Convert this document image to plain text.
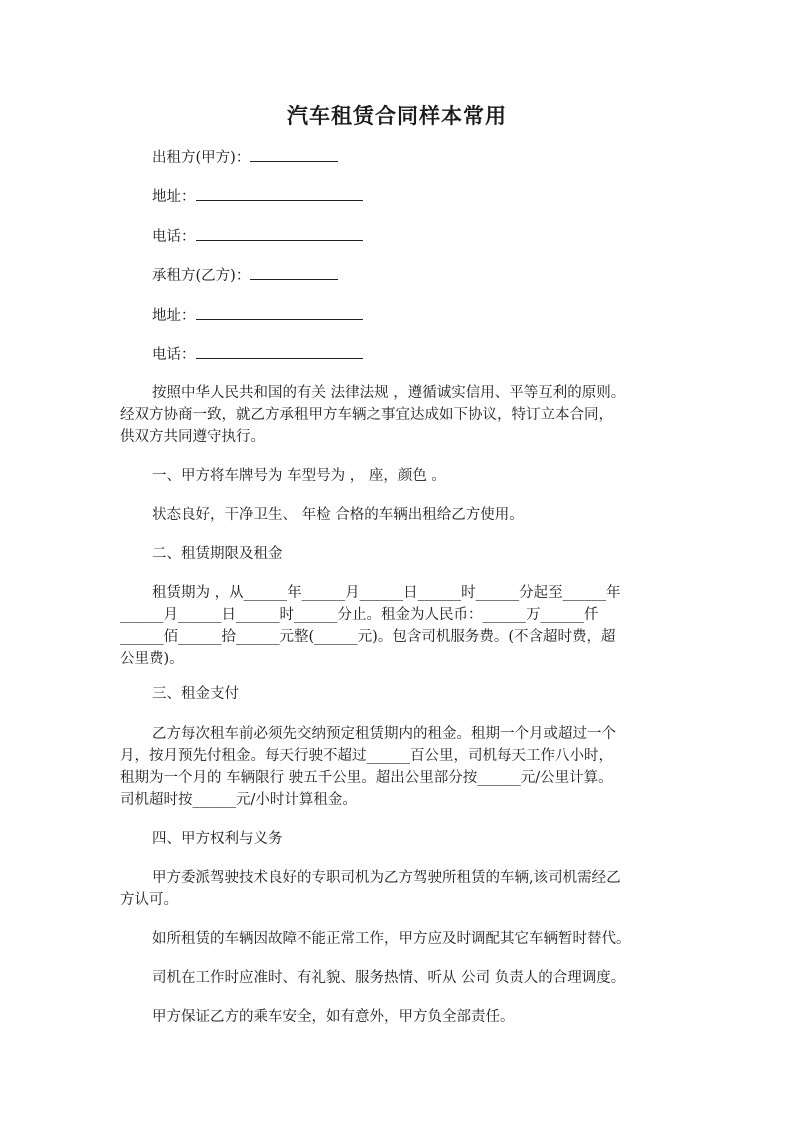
汽车租赁合同样本常用
出租方(甲方)：
地址：
电话：
承租方(乙方)：
地址：
电话：
按照中华人民共和国的有关 法律法规 ，遵循诚实信用、平等互利的原则。
经双方协商一致，就乙方承租甲方车辆之事宜达成如下协议，特订立本合同，
供双方共同遵守执行。
一、甲方将车牌号为 车型号为 ， 座，颜色 。
状态良好，干净卫生、 年检 合格的车辆出租给乙方使用。
二、租赁期限及租金
租赁期为 ，从______年______月______日______时______分起至______年
______月______日______时______分止。租金为人民币：______万______仟
______佰______拾______元整(______元)。包含司机服务费。(不含超时费，超
公里费)。
三、租金支付
乙方每次租车前必须先交纳预定租赁期内的租金。租期一个月或超过一个
月，按月预先付租金。每天行驶不超过______百公里，司机每天工作八小时，
租期为一个月的 车辆限行 驶五千公里。超出公里部分按______元/公里计算。
司机超时按______元/小时计算租金。
四、甲方权利与义务
甲方委派驾驶技术良好的专职司机为乙方驾驶所租赁的车辆,该司机需经乙
方认可。
如所租赁的车辆因故障不能正常工作，甲方应及时调配其它车辆暂时替代。
司机在工作时应准时、有礼貌、服务热情、听从 公司 负责人的合理调度。
甲方保证乙方的乘车安全，如有意外，甲方负全部责任。
